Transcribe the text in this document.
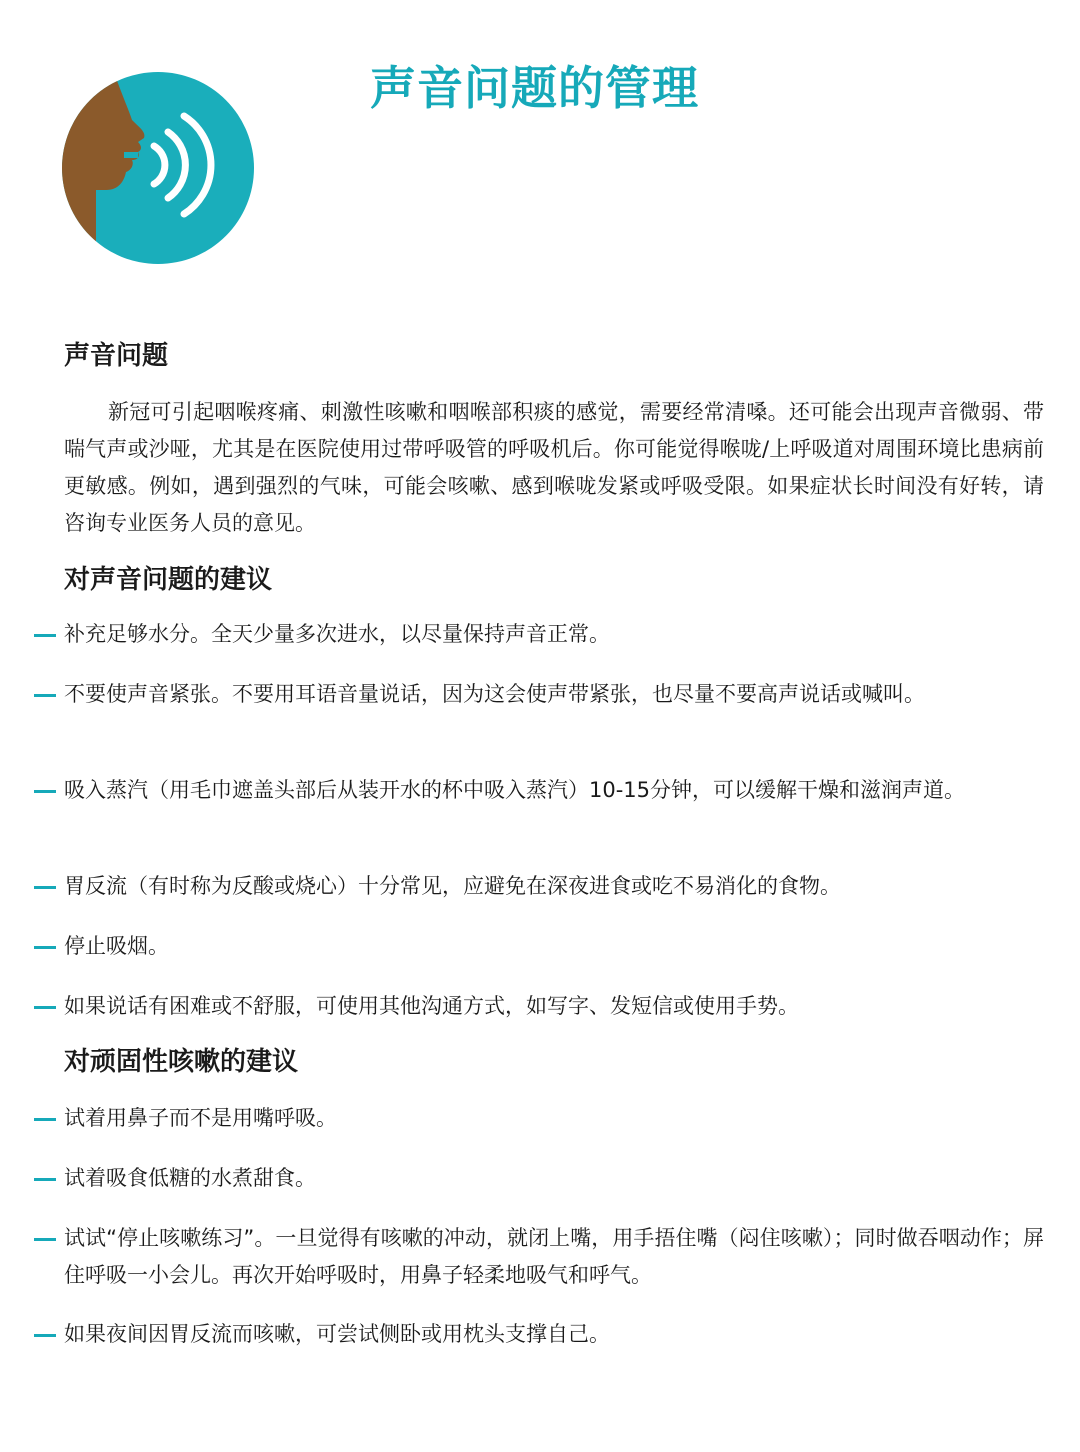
声音问题的管理
声音问题

新冠可引起咽喉疼痛、刺激性咳嗽和咽喉部积痰的感觉，需要经常清嗓。还可能会出现声音微弱、带喘气声或沙哑，尤其是在医院使用过带呼吸管的呼吸机后。你可能觉得喉咙/上呼吸道对周围环境比患病前更敏感。例如，遇到强烈的气味，可能会咳嗽、感到喉咙发紧或呼吸受限。如果症状长时间没有好转，请咨询专业医务人员的意见。

对声音问题的建议
补充足够水分。全天少量多次进水，以尽量保持声音正常。
不要使声音紧张。不要用耳语音量说话，因为这会使声带紧张，也尽量不要高声说话或喊叫。
吸入蒸汽（用毛巾遮盖头部后从装开水的杯中吸入蒸汽）10-15分钟，可以缓解干燥和滋润声道。
胃反流（有时称为反酸或烧心）十分常见，应避免在深夜进食或吃不易消化的食物。
停止吸烟。
如果说话有困难或不舒服，可使用其他沟通方式，如写字、发短信或使用手势。
对顽固性咳嗽的建议
试着用鼻子而不是用嘴呼吸。
试着吸食低糖的水煮甜食。
试试“停止咳嗽练习”。一旦觉得有咳嗽的冲动，就闭上嘴，用手捂住嘴（闷住咳嗽）；同时做吞咽动作；屏住呼吸一小会儿。再次开始呼吸时，用鼻子轻柔地吸气和呼气。
如果夜间因胃反流而咳嗽，可尝试侧卧或用枕头支撑自己。
